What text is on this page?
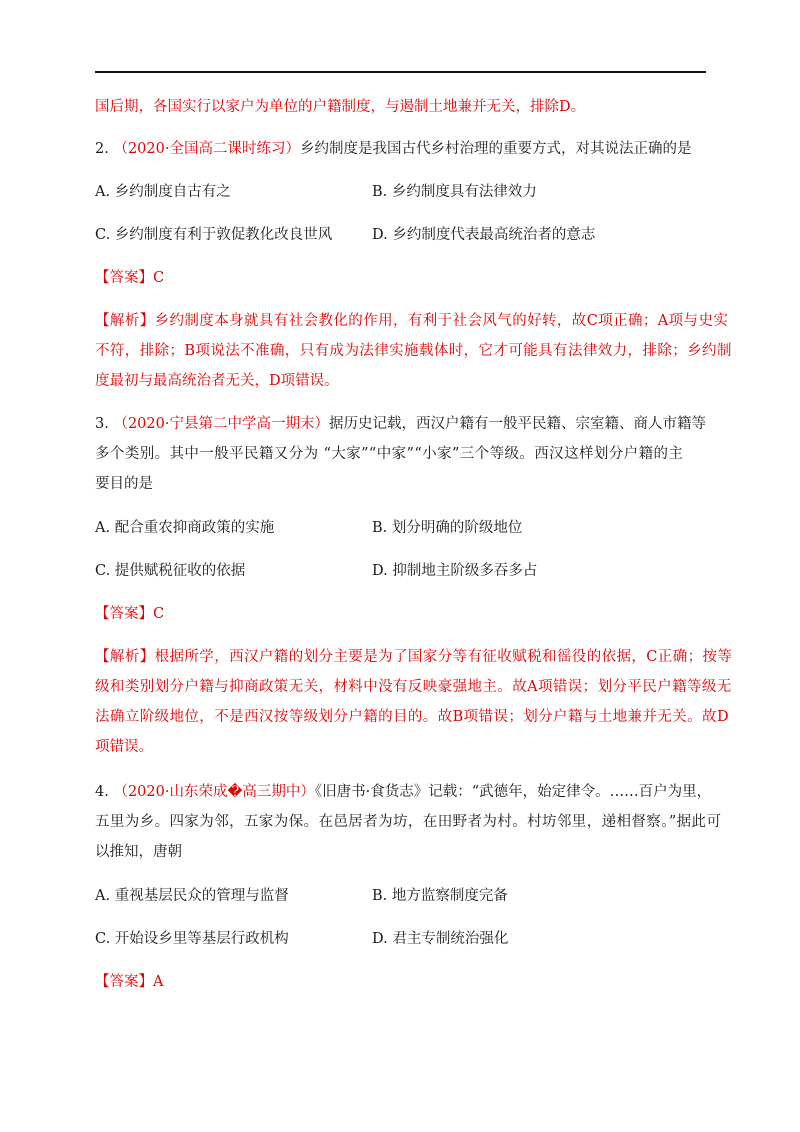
国后期，各国实行以家户为单位的户籍制度，与遏制土地兼并无关，排除D。
2. （2020·全国高二课时练习）乡约制度是我国古代乡村治理的重要方式，对其说法正确的是
A. 乡约制度自古有之	B. 乡约制度具有法律效力
C. 乡约制度有利于敦促教化改良世风	D. 乡约制度代表最高统治者的意志
【答案】C
【解析】乡约制度本身就具有社会教化的作用，有利于社会风气的好转，故C项正确；A项与史实
不符，排除；B项说法不准确，只有成为法律实施载体时，它才可能具有法律效力，排除；乡约制
度最初与最高统治者无关，D项错误。
3. （2020·宁县第二中学高一期末）据历史记载，西汉户籍有一般平民籍、宗室籍、商人市籍等
多个类别。其中一般平民籍又分为 “大家”“中家”“小家”三个等级。西汉这样划分户籍的主
要目的是
A. 配合重农抑商政策的实施	B. 划分明确的阶级地位
C. 提供赋税征收的依据	D. 抑制地主阶级多吞多占
【答案】C
【解析】根据所学，西汉户籍的划分主要是为了国家分等有征收赋税和徭役的依据，C正确；按等
级和类别划分户籍与抑商政策无关，材料中没有反映豪强地主。故A项错误；划分平民户籍等级无
法确立阶级地位，不是西汉按等级划分户籍的目的。故B项错误；划分户籍与土地兼并无关。故D
项错误。
4. （2020·山东荣成�高三期中）《旧唐书·食货志》记载：“武德年，始定律令。……百户为里，
五里为乡。四家为邻，五家为保。在邑居者为坊，在田野者为村。村坊邻里，递相督察。”据此可
以推知，唐朝
A. 重视基层民众的管理与监督	B. 地方监察制度完备
C. 开始设乡里等基层行政机构	D. 君主专制统治强化
【答案】A
